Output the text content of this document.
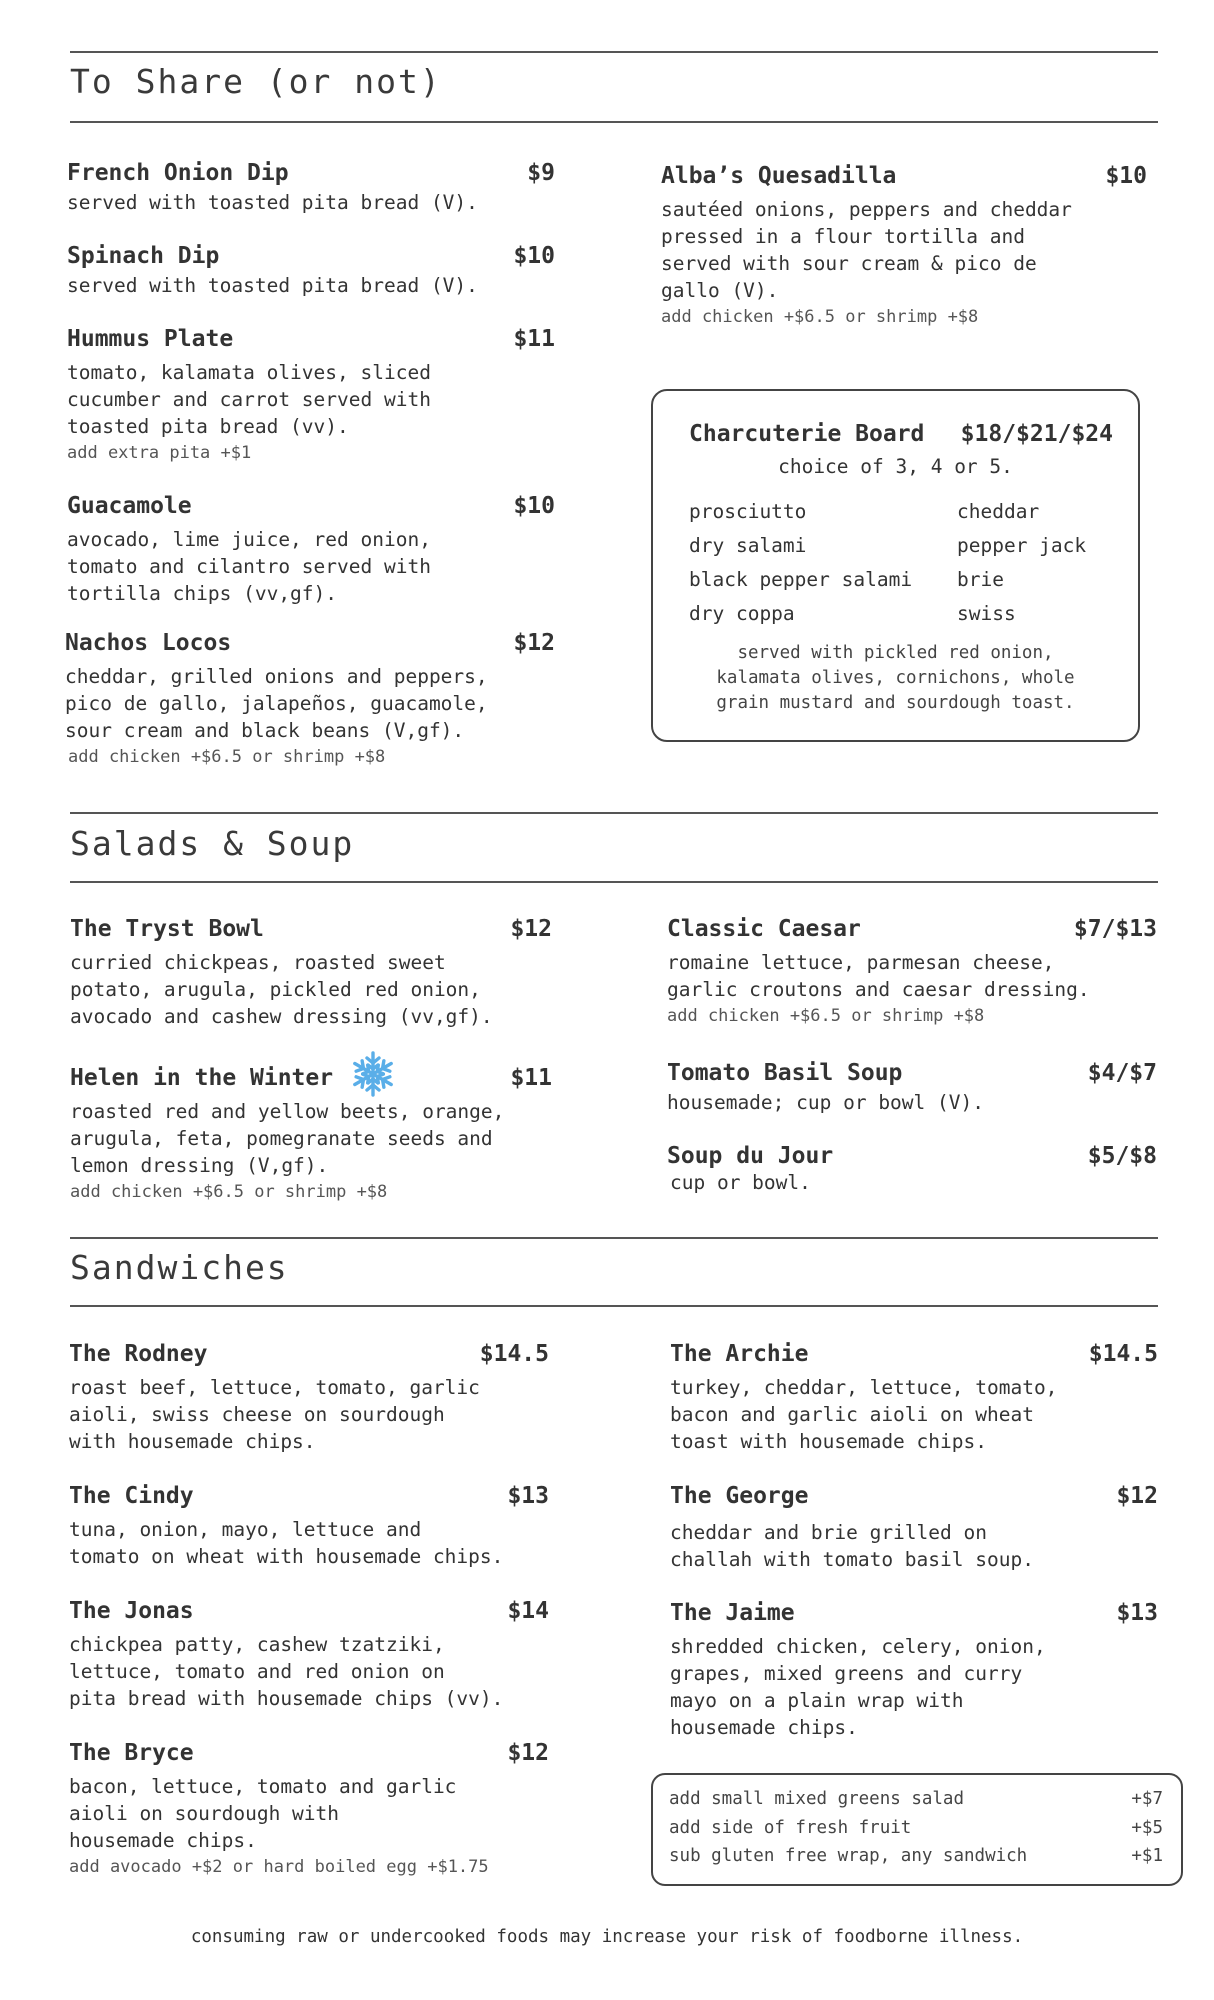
To Share (or not)
French Onion Dip	$9
served with toasted pita bread (V).
Spinach Dip	$10
served with toasted pita bread (V).
Hummus Plate	$11
tomato, kalamata olives, sliced
cucumber and carrot served with
toasted pita bread (vv).
add extra pita +$1
Guacamole	$10
avocado, lime juice, red onion,
tomato and cilantro served with
tortilla chips (vv,gf).
Nachos Locos	$12
cheddar, grilled onions and peppers,
pico de gallo, jalapeños, guacamole,
sour cream and black beans (V,gf).
add chicken +$6.5 or shrimp +$8
Alba’s Quesadilla	$10
sautéed onions, peppers and cheddar
pressed in a flour tortilla and
served with sour cream & pico de
gallo (V).
add chicken +$6.5 or shrimp +$8
Charcuterie Board $18/$21/$24
choice of 3, 4 or 5.
prosciutto	cheddar
dry salami	pepper jack
black pepper salami	brie
dry coppa	swiss
served with pickled red onion,
kalamata olives, cornichons, whole
grain mustard and sourdough toast.
Salads & Soup
The Tryst Bowl	$12
curried chickpeas, roasted sweet
potato, arugula, pickled red onion,
avocado and cashew dressing (vv,gf).
Helen in the Winter	$11
roasted red and yellow beets, orange,
arugula, feta, pomegranate seeds and
lemon dressing (V,gf).
add chicken +$6.5 or shrimp +$8
Classic Caesar	$7/$13
romaine lettuce, parmesan cheese,
garlic croutons and caesar dressing.
add chicken +$6.5 or shrimp +$8
Tomato Basil Soup	$4/$7
housemade; cup or bowl (V).
Soup du Jour	$5/$8
cup or bowl.
Sandwiches
The Rodney	$14.5
roast beef, lettuce, tomato, garlic
aioli, swiss cheese on sourdough
with housemade chips.
The Cindy	$13
tuna, onion, mayo, lettuce and
tomato on wheat with housemade chips.
The Jonas	$14
chickpea patty, cashew tzatziki,
lettuce, tomato and red onion on
pita bread with housemade chips (vv).
The Bryce	$12
bacon, lettuce, tomato and garlic
aioli on sourdough with
housemade chips.
add avocado +$2 or hard boiled egg +$1.75
The Archie	$14.5
turkey, cheddar, lettuce, tomato,
bacon and garlic aioli on wheat
toast with housemade chips.
The George	$12
cheddar and brie grilled on
challah with tomato basil soup.
The Jaime	$13
shredded chicken, celery, onion,
grapes, mixed greens and curry
mayo on a plain wrap with
housemade chips.
add small mixed greens salad	+$7
add side of fresh fruit	+$5
sub gluten free wrap, any sandwich	+$1
consuming raw or undercooked foods may increase your risk of foodborne illness.
